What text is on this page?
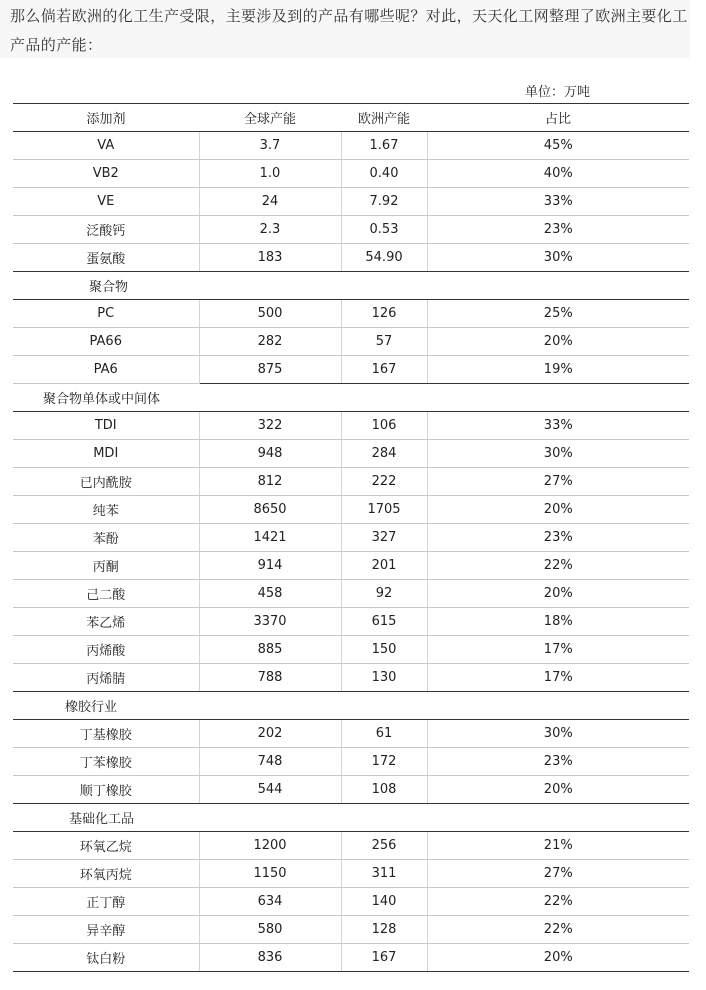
那么倘若欧洲的化工生产受限，主要涉及到的产品有哪些呢？对此，天天化工网整理了欧洲主要化工产品的产能：
单位：万吨
添加剂	全球产能	欧洲产能	占比
VA	3.7	1.67	45%
VB2	1.0	0.40	40%
VE	24	7.92	33%
泛酸钙	2.3	0.53	23%
蛋氨酸	183	54.90	30%
聚合物			
PC	500	126	25%
PA66	282	57	20%
PA6	875	167	19%
聚合物单体或中间体			
TDI	322	106	33%
MDI	948	284	30%
已内酰胺	812	222	27%
纯苯	8650	1705	20%
苯酚	1421	327	23%
丙酮	914	201	22%
己二酸	458	92	20%
苯乙烯	3370	615	18%
丙烯酸	885	150	17%
丙烯腈	788	130	17%
橡胶行业			
丁基橡胶	202	61	30%
丁苯橡胶	748	172	23%
顺丁橡胶	544	108	20%
基础化工品			
环氧乙烷	1200	256	21%
环氧丙烷	1150	311	27%
正丁醇	634	140	22%
异辛醇	580	128	22%
钛白粉	836	167	20%
